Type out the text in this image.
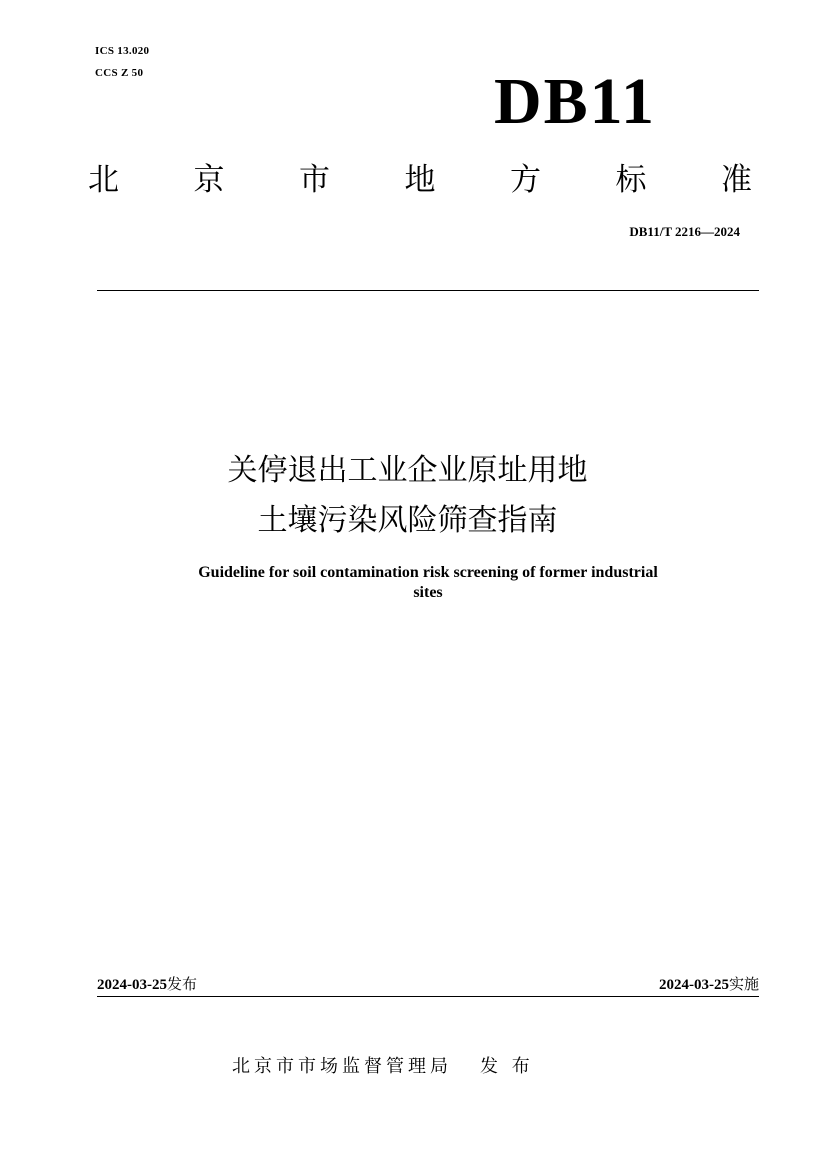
ICS 13.020
CCS Z 50	DB11
北 京 市 地 方 标 准
DB11/T 2216—2024
关停退出工业企业原址用地
土壤污染风险筛查指南
Guideline for soil contamination risk screening of former industrial
sites
2024-03-25发布	2024-03-25实施
北京市市场监督管理局 发 布
